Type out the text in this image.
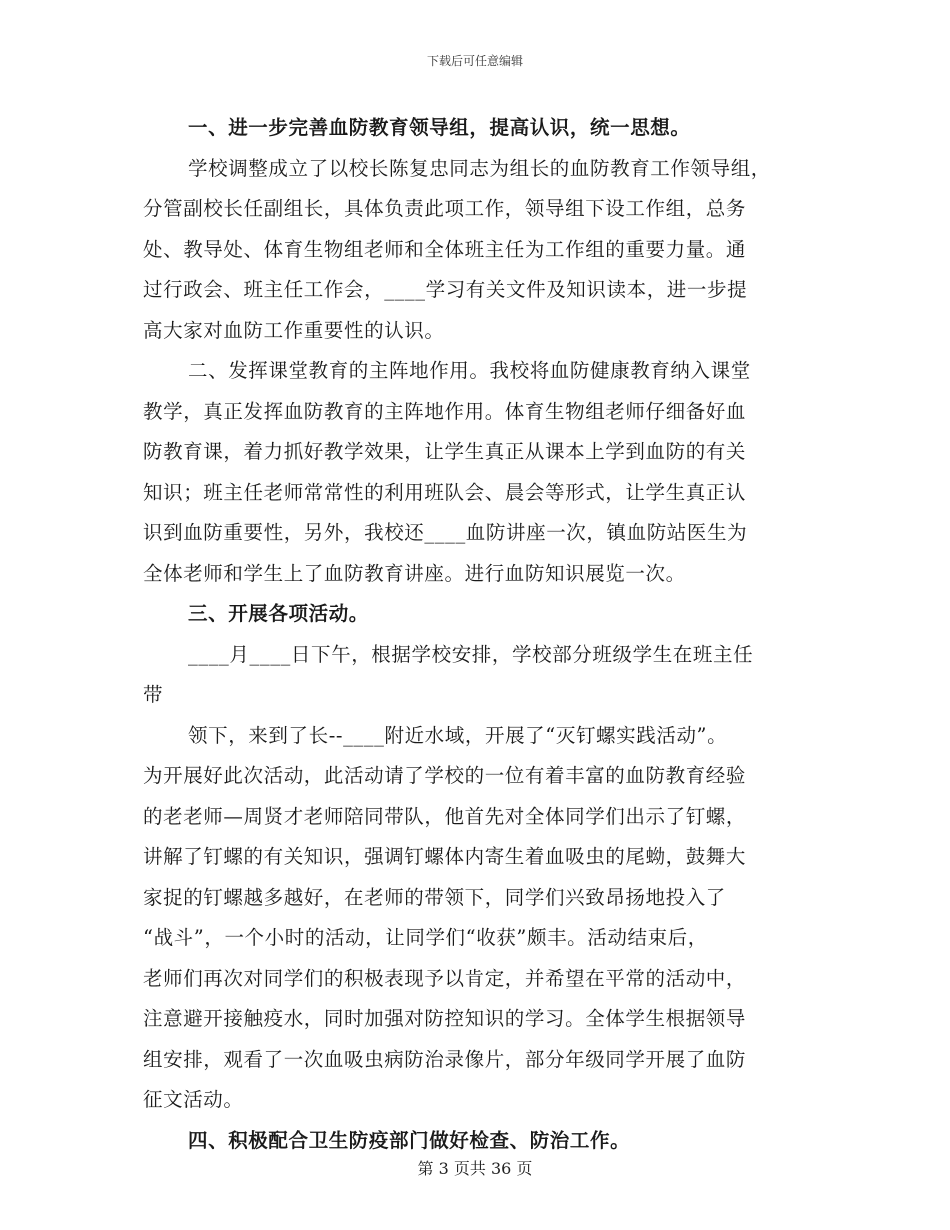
下载后可任意编辑
一、进一步完善血防教育领导组，提高认识，统一思想。
学校调整成立了以校长陈复忠同志为组长的血防教育工作领导组，
分管副校长任副组长，具体负责此项工作，领导组下设工作组，总务
处、教导处、体育生物组老师和全体班主任为工作组的重要力量。通
过行政会、班主任工作会，____学习有关文件及知识读本，进一步提
高大家对血防工作重要性的认识。
二、发挥课堂教育的主阵地作用。我校将血防健康教育纳入课堂
教学，真正发挥血防教育的主阵地作用。体育生物组老师仔细备好血
防教育课，着力抓好教学效果，让学生真正从课本上学到血防的有关
知识；班主任老师常常性的利用班队会、晨会等形式，让学生真正认
识到血防重要性，另外，我校还____血防讲座一次，镇血防站医生为
全体老师和学生上了血防教育讲座。进行血防知识展览一次。
三、开展各项活动。
____月____日下午，根据学校安排，学校部分班级学生在班主任
带
领下，来到了长--____附近水域，开展了“灭钉螺实践活动”。
为开展好此次活动，此活动请了学校的一位有着丰富的血防教育经验
的老老师—周贤才老师陪同带队，他首先对全体同学们出示了钉螺，
讲解了钉螺的有关知识，强调钉螺体内寄生着血吸虫的尾蚴，鼓舞大
家捉的钉螺越多越好，在老师的带领下，同学们兴致昂扬地投入了
“战斗”，一个小时的活动，让同学们“收获”颇丰。活动结束后，
老师们再次对同学们的积极表现予以肯定，并希望在平常的活动中，
注意避开接触疫水，同时加强对防控知识的学习。全体学生根据领导
组安排，观看了一次血吸虫病防治录像片，部分年级同学开展了血防
征文活动。
四、积极配合卫生防疫部门做好检查、防治工作。
第 3 页共 36 页
